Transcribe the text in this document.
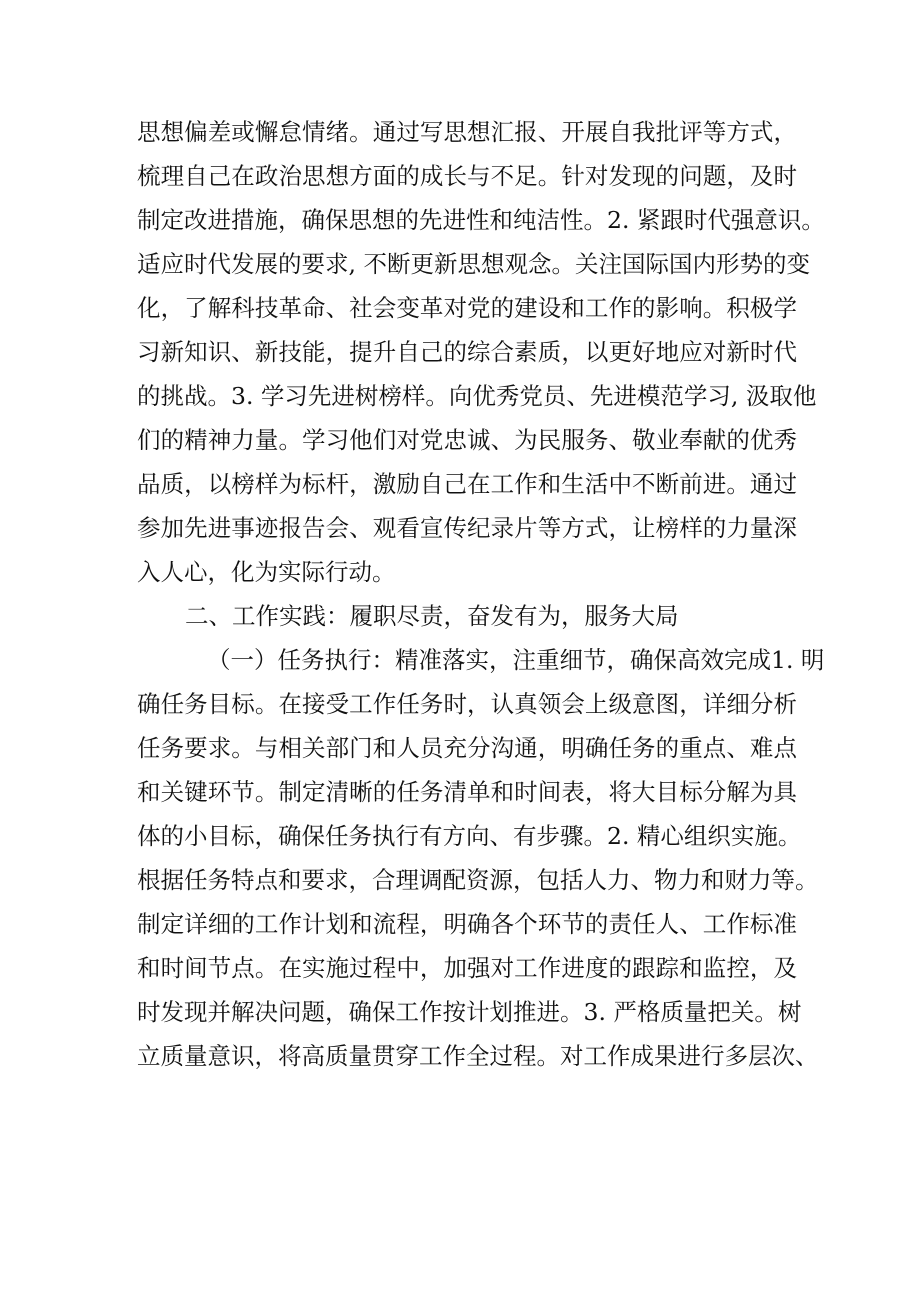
思想偏差或懈怠情绪。通过写思想汇报、开展自我批评等方式，
梳理自己在政治思想方面的成长与不足。针对发现的问题，及时
制定改进措施，确保思想的先进性和纯洁性。2. 紧跟时代强意识。
适应时代发展的要求, 不断更新思想观念。关注国际国内形势的变
化，了解科技革命、社会变革对党的建设和工作的影响。积极学
习新知识、新技能，提升自己的综合素质，以更好地应对新时代
的挑战。3. 学习先进树榜样。向优秀党员、先进模范学习, 汲取他
们的精神力量。学习他们对党忠诚、为民服务、敬业奉献的优秀
品质，以榜样为标杆，激励自己在工作和生活中不断前进。通过
参加先进事迹报告会、观看宣传纪录片等方式，让榜样的力量深
入人心，化为实际行动。
二、工作实践：履职尽责，奋发有为，服务大局
（一）任务执行：精准落实，注重细节，确保高效完成1. 明
确任务目标。在接受工作任务时，认真领会上级意图，详细分析
任务要求。与相关部门和人员充分沟通，明确任务的重点、难点
和关键环节。制定清晰的任务清单和时间表，将大目标分解为具
体的小目标，确保任务执行有方向、有步骤。2. 精心组织实施。
根据任务特点和要求，合理调配资源，包括人力、物力和财力等。
制定详细的工作计划和流程，明确各个环节的责任人、工作标准
和时间节点。在实施过程中，加强对工作进度的跟踪和监控，及
时发现并解决问题，确保工作按计划推进。3. 严格质量把关。树
立质量意识，将高质量贯穿工作全过程。对工作成果进行多层次、
